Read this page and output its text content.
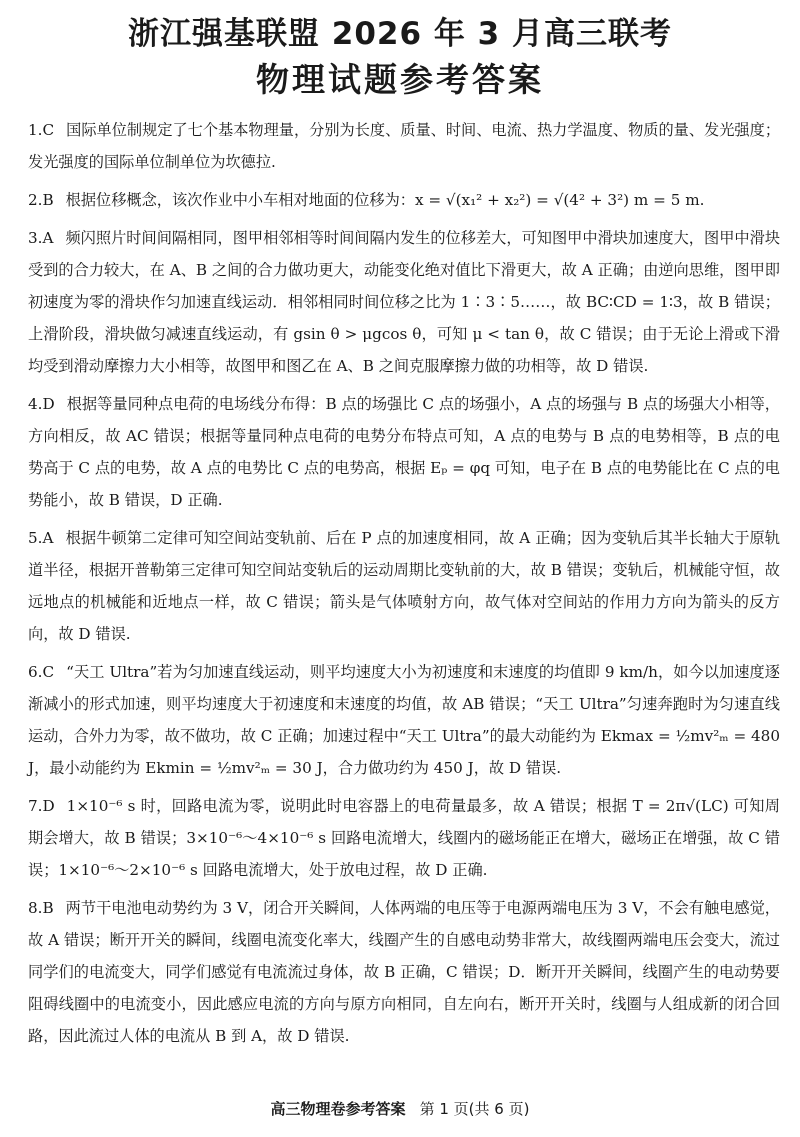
浙江强基联盟 2026 年 3 月高三联考
物理试题参考答案
1.C 国际单位制规定了七个基本物理量，分别为长度、质量、时间、电流、热力学温度、物质的量、发光强度；发光强度的国际单位制单位为坎德拉.
2.B 根据位移概念，该次作业中小车相对地面的位移为：x = √(x₁² + x₂²) = √(4² + 3²) m = 5 m.
3.A 频闪照片时间间隔相同，图甲相邻相等时间间隔内发生的位移差大，可知图甲中滑块加速度大，图甲中滑块受到的合力较大，在 A、B 之间的合力做功更大，动能变化绝对值比下滑更大，故 A 正确；由逆向思维，图甲即初速度为零的滑块作匀加速直线运动．相邻相同时间位移之比为 1∶3∶5……，故 BC∶CD = 1∶3，故 B 错误；上滑阶段，滑块做匀减速直线运动，有 gsin θ > μgcos θ，可知 μ < tan θ，故 C 错误；由于无论上滑或下滑均受到滑动摩擦力大小相等，故图甲和图乙在 A、B 之间克服摩擦力做的功相等，故 D 错误.
4.D 根据等量同种点电荷的电场线分布得：B 点的场强比 C 点的场强小，A 点的场强与 B 点的场强大小相等，方向相反，故 AC 错误；根据等量同种点电荷的电势分布特点可知，A 点的电势与 B 点的电势相等，B 点的电势高于 C 点的电势，故 A 点的电势比 C 点的电势高，根据 Eₚ = φq 可知，电子在 B 点的电势能比在 C 点的电势能小，故 B 错误，D 正确.
5.A 根据牛顿第二定律可知空间站变轨前、后在 P 点的加速度相同，故 A 正确；因为变轨后其半长轴大于原轨道半径，根据开普勒第三定律可知空间站变轨后的运动周期比变轨前的大，故 B 错误；变轨后，机械能守恒，故远地点的机械能和近地点一样，故 C 错误；箭头是气体喷射方向，故气体对空间站的作用力方向为箭头的反方向，故 D 错误.
6.C “天工 Ultra”若为匀加速直线运动，则平均速度大小为初速度和末速度的均值即 9 km/h，如今以加速度逐渐减小的形式加速，则平均速度大于初速度和末速度的均值，故 AB 错误；“天工 Ultra”匀速奔跑时为匀速直线运动，合外力为零，故不做功，故 C 正确；加速过程中“天工 Ultra”的最大动能约为 Ekmax = ½mv²ₘ = 480 J，最小动能约为 Ekmin = ½mv²ₘ = 30 J，合力做功约为 450 J，故 D 错误.
7.D 1×10⁻⁶ s 时，回路电流为零，说明此时电容器上的电荷量最多，故 A 错误；根据 T = 2π√(LC) 可知周期会增大，故 B 错误；3×10⁻⁶～4×10⁻⁶ s 回路电流增大，线圈内的磁场能正在增大，磁场正在增强，故 C 错误；1×10⁻⁶～2×10⁻⁶ s 回路电流增大，处于放电过程，故 D 正确.
8.B 两节干电池电动势约为 3 V，闭合开关瞬间，人体两端的电压等于电源两端电压为 3 V，不会有触电感觉，故 A 错误；断开开关的瞬间，线圈电流变化率大，线圈产生的自感电动势非常大，故线圈两端电压会变大，流过同学们的电流变大，同学们感觉有电流流过身体，故 B 正确，C 错误；D．断开开关瞬间，线圈产生的电动势要阻碍线圈中的电流变小，因此感应电流的方向与原方向相同，自左向右，断开开关时，线圈与人组成新的闭合回路，因此流过人体的电流从 B 到 A，故 D 错误.
高三物理卷参考答案 第 1 页(共 6 页)
